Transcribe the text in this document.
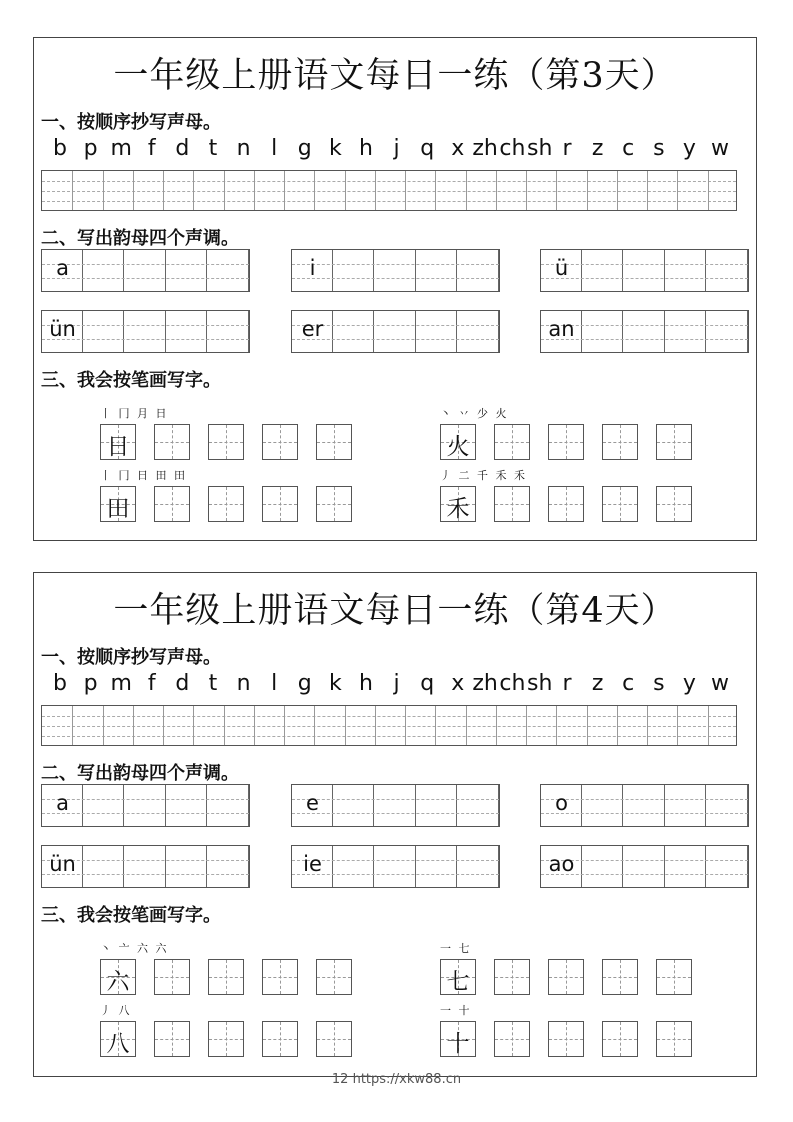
一年级上册语文每日一练（第3天）
一、按顺序抄写声母。
b p m f d t n l g k h j q x zh ch sh r z c s y w
二、写出韵母四个声调。
a	i	ü
ün	er	an
三、我会按笔画写字。
丨 冂 月 日
日
丶 丷 少 火
火
丨 冂 日 田 田
田
丿 二 千 禾 禾
禾
一年级上册语文每日一练（第4天）
一、按顺序抄写声母。
b p m f d t n l g k h j q x zh ch sh r z c s y w
二、写出韵母四个声调。
a	e	o
ün	ie	ao
三、我会按笔画写字。
丶 亠 六 六
六
一 七
七
丿 八
八
一 十
十
12 https://xkw88.cn
